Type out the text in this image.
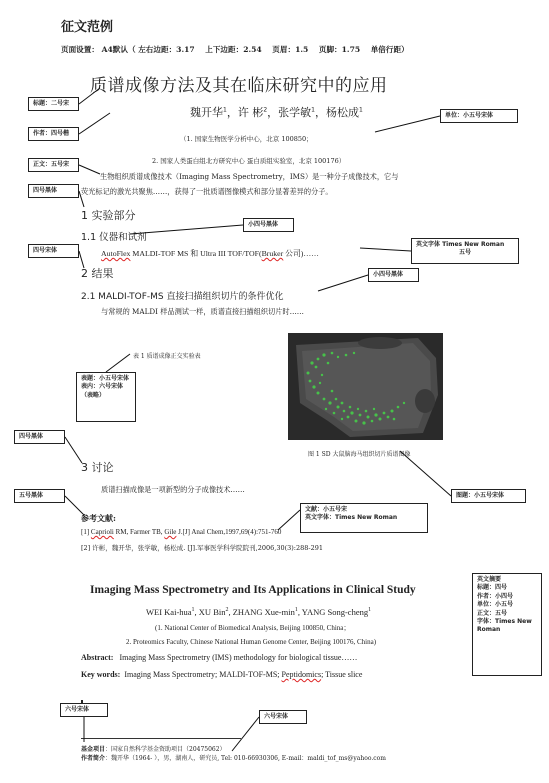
征文范例
页面设置： A4默认（ 左右边距：3.17    上下边距：2.54    页眉：1.5    页脚：1.75    单倍行距）
质谱成像方法及其在临床研究中的应用
魏开华$^1$，许 彬$^2$，张学敏$^1$，杨松成$^1$
（1. 国家生物医学分析中心，北京 100850；
2. 国家人类蛋白组北方研究中心 蛋白质组实验室，北京 100176）
生物组织质谱成像技术（Imaging Mass Spectrometry，IMS）是一种分子成像技术，它与
荧光标记的激光共聚焦……，获得了一批质谱图像模式和部分显著差异的分子。
1 实验部分
1.1 仪器和试剂
AutoFlex MALDI-TOF MS 和 Ultra III TOF/TOF(Bruker 公司)……
2 结果
2.1 MALDI-TOF-MS 直接扫描组织切片的条件优化
与常规的 MALDI 样品测试一样，质谱直接扫描组织切片时……
表 1 质谱成像正交实验表
图 1 SD 大鼠脑海马组织切片质谱图像
3 讨论
质谱扫描成像是一项新型的分子成像技术……
参考文献:
[1] Caprioli RM, Farmer TB, Gile J.[J] Anal Chem,1997,69(4):751-760
[2] 许彬，魏开华，张学敏，杨松成. [J].军事医学科学院院刊,2006,30(3):288-291
Imaging Mass Spectrometry and Its Applications in Clinical Study
WEI Kai-hua$^1$, XU Bin$^2$, ZHANG Xue-$\min^1$, YANG Song-cheng$^1$
(1. National Center of Biomedical Analysis, Beijing 100850, China；
2. Proteomics Faculty, Chinese National Human Genome Center, Beijing 100176, China)
Abstract: Imaging Mass Spectrometry (IMS) methodology for biological tissue……
Key words: Imaging Mass Spectrometry; MALDI-TOF-MS; Peptidomics; Tissue slice
基金项目：国家自然科学基金资助项目（20475062）
作者简介：魏开华（1964- ），男，湖南人，研究员, Tel: 010-66930306, E-mail：maldi_tof_ms@yahoo.com
标题：二号宋
作者：四号楷
正文：五号宋
四号黑体
小四号黑体
四号宋体
英文字体 Times New Roman
五号
小四号黑体
单位：小五号宋体
表题：小五号宋体
表内：六号宋体
（表略）
四号黑体
五号黑体	图题：小五号宋体
文献：小五号宋
英文字体：Times New Roman
英文摘要
标题：四号
作者：小四号
单位：小五号
正文：五号
字体：Times New Roman
六号宋体
六号宋体
